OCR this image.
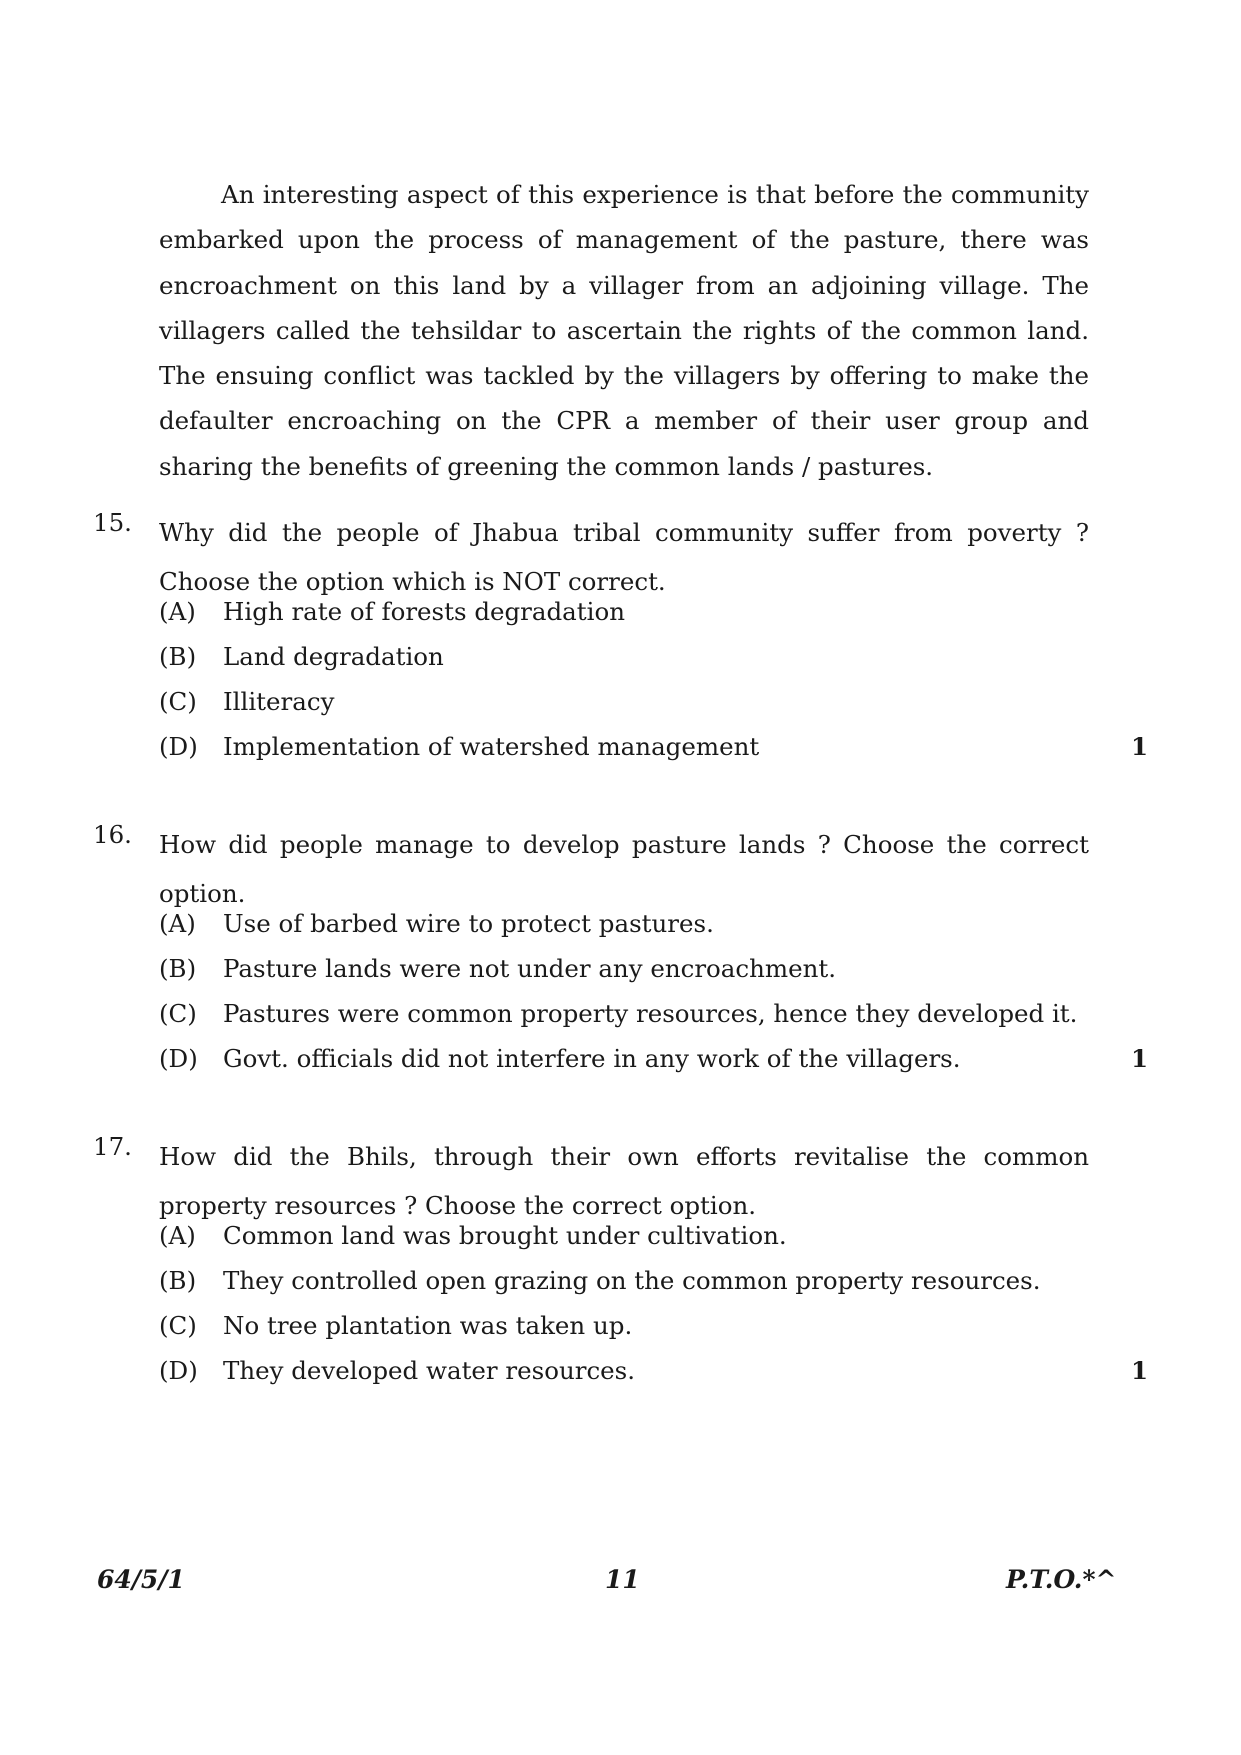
An interesting aspect of this experience is that before the community
embarked upon the process of management of the pasture, there was
encroachment on this land by a villager from an adjoining village. The
villagers called the tehsildar to ascertain the rights of the common land.
The ensuing conflict was tackled by the villagers by offering to make the
defaulter encroaching on the CPR a member of their user group and
sharing the benefits of greening the common lands / pastures.
15. Why did the people of Jhabua tribal community suffer from poverty ?
Choose the option which is NOT correct.
(A) High rate of forests degradation
(B) Land degradation
(C) Illiteracy
(D) Implementation of watershed management	1
16. How did people manage to develop pasture lands ? Choose the correct
option.
(A) Use of barbed wire to protect pastures.
(B) Pasture lands were not under any encroachment.
(C) Pastures were common property resources, hence they developed it.
(D) Govt. officials did not interfere in any work of the villagers.	1
17. How did the Bhils, through their own efforts revitalise the common
property resources ? Choose the correct option.
(A) Common land was brought under cultivation.
(B) They controlled open grazing on the common property resources.
(C) No tree plantation was taken up.
(D) They developed water resources.	1
64/5/1	11	P.T.O.*^
